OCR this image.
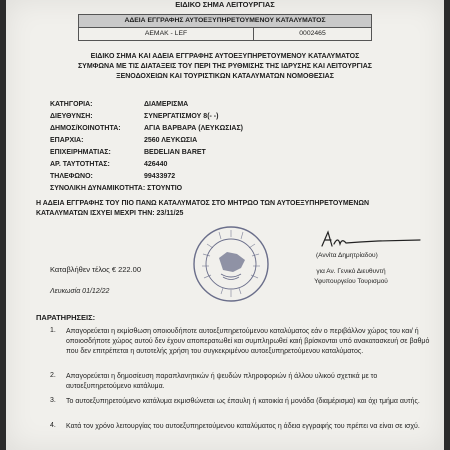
ΕΙΔΙΚΟ ΣΗΜΑ ΛΕΙΤΟΥΡΓΙΑΣ
ΑΔΕΙΑ ΕΓΓΡΑΦΗΣ ΑΥΤΟΕΞΥΠΗΡΕΤΟΥΜΕΝΟΥ ΚΑΤΑΛΥΜΑΤΟΣ
AEMAK - LEF	0002465
ΕΙΔΙΚΟ ΣΗΜΑ ΚΑΙ ΑΔΕΙΑ ΕΓΓΡΑΦΗΣ ΑΥΤΟΕΞΥΠΗΡΕΤΟΥΜΕΝΟΥ ΚΑΤΑΛΥΜΑΤΟΣ
ΣΥΜΦΩΝΑ ΜΕ ΤΙΣ ΔΙΑΤΑΞΕΙΣ ΤΟΥ ΠΕΡΙ ΤΗΣ ΡΥΘΜΙΣΗΣ ΤΗΣ ΙΔΡΥΣΗΣ ΚΑΙ ΛΕΙΤΟΥΡΓΙΑΣ
ΞΕΝΟΔΟΧΕΙΩΝ ΚΑΙ ΤΟΥΡΙΣΤΙΚΩΝ ΚΑΤΑΛΥΜΑΤΩΝ ΝΟΜΟΘΕΣΙΑΣ
ΚΑΤΗΓΟΡΙΑ:	ΔΙΑΜΕΡΙΣΜΑ
ΔΙΕΥΘΥΝΣΗ:	ΣΥΝΕΡΓΑΤΙΣΜΟΥ 8(- -)
ΔΗΜΟΣ/ΚΟΙΝΟΤΗΤΑ:	ΑΓΙΑ ΒΑΡΒΑΡΑ (ΛΕΥΚΩΣΙΑΣ)
ΕΠΑΡΧΙΑ:	2560 ΛΕΥΚΩΣΙΑ
ΕΠΙΧΕΙΡΗΜΑΤΙΑΣ:	BEDELIAN BARET
ΑΡ. ΤΑΥΤΟΤΗΤΑΣ:	426440
ΤΗΛΕΦΩΝΟ:	99433972
ΣΥΝΟΛΙΚΗ ΔΥΝΑΜΙΚΟΤΗΤΑ: ΣΤΟΥΝΤΙΟ
Η ΑΔΕΙΑ ΕΓΓΡΑΦΗΣ ΤΟΥ ΠΙΟ ΠΑΝΩ ΚΑΤΑΛΥΜΑΤΟΣ ΣΤΟ ΜΗΤΡΩΟ ΤΩΝ ΑΥΤΟΕΞΥΠΗΡΕΤΟΥΜΕΝΩΝ
ΚΑΤΑΛΥΜΑΤΩΝ ΙΣΧΥΕΙ ΜΕΧΡΙ ΤΗΝ: 23/11/25
(Αννίτα Δημητρίαδου)
για Αν. Γενικό Διευθυντή
Υφυπουργείου Τουρισμού
Καταβλήθεν τέλος € 222.00
Λευκωσία 01/12/22
ΠΑΡΑΤΗΡΗΣΕΙΣ:
1. Απαγορεύεται η εκμίσθωση οποιουδήποτε αυτοεξυπηρετούμενου καταλύματος εάν ο περιβάλλον χώρος του και/ ή οποιοσδήποτε χώρος αυτού δεν έχουν αποπερατωθεί και συμπληρωθεί καιή βρίσκονται υπό ανακατασκευή σε βαθμό που δεν επιτρέπεται η αυτοτελής χρήση του συγκεκριμένου αυτοεξυπηρετούμενου καταλύματος.
2. Απαγορεύεται η δημοσίευση παραπλανητικών ή ψευδών πληροφοριών ή άλλου υλικού σχετικά με το αυτοεξυπηρετούμενο κατάλυμα.
3. Το αυτοεξυπηρετούμενο κατάλυμα εκμισθώνεται ως έπαυλη ή κατοικία ή μονάδα (διαμέρισμα) και όχι τμήμα αυτής.
4. Κατά τον χρόνο λειτουργίας του αυτοεξυπηρετούμενου καταλύματος η άδεια εγγραφής του πρέπει να είναι σε ισχύ.
